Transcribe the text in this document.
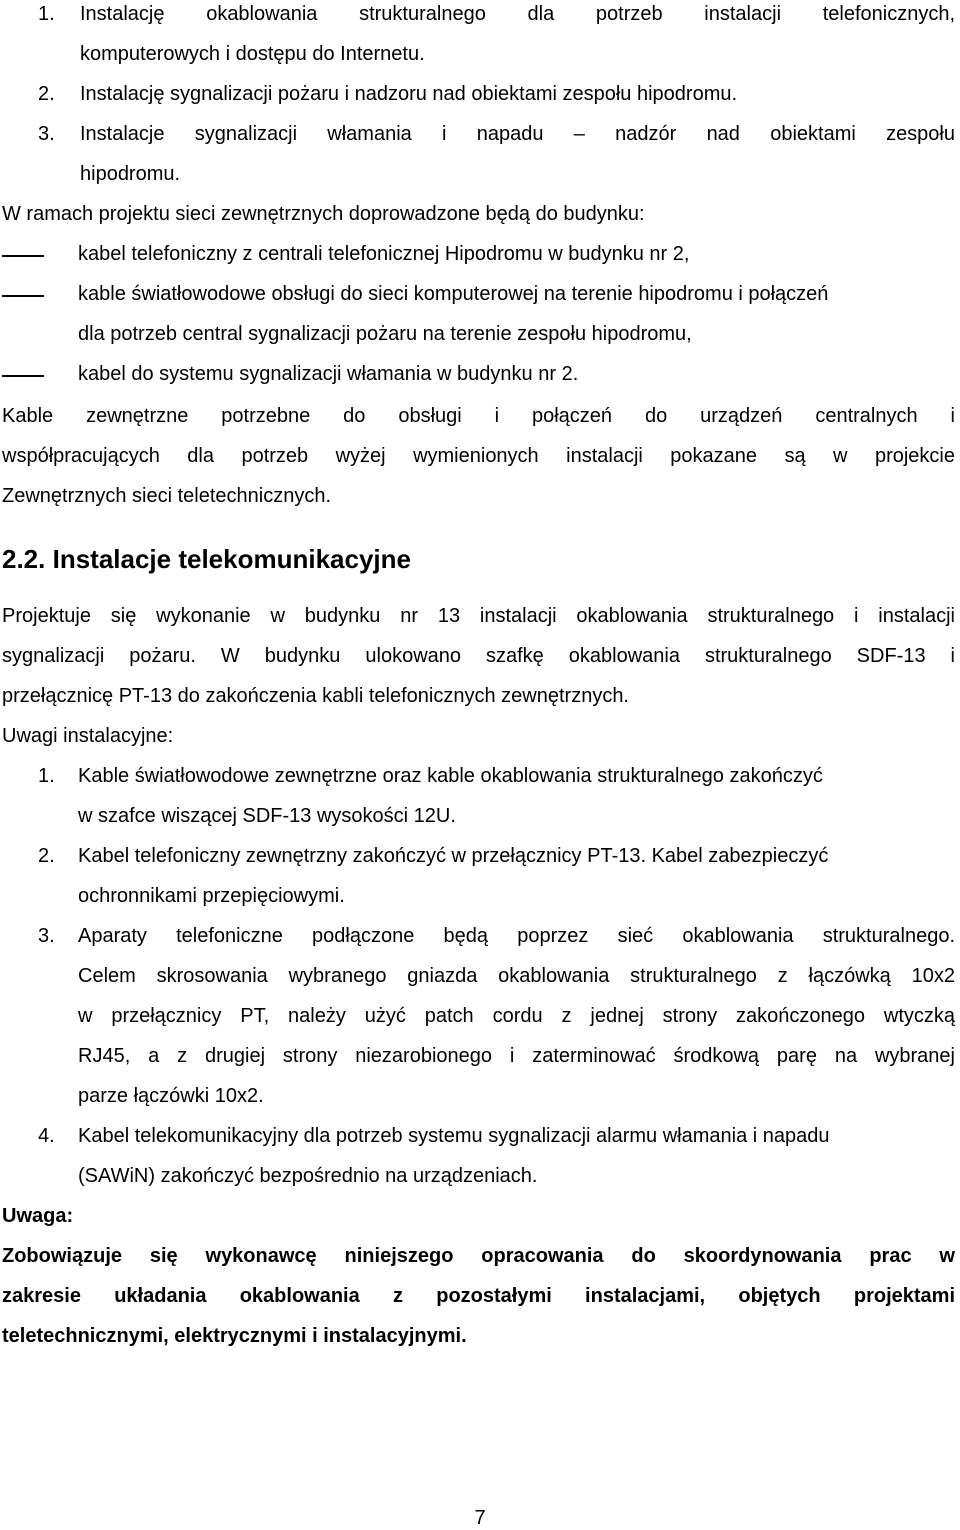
1. Instalację okablowania strukturalnego dla potrzeb instalacji telefonicznych,
komputerowych i dostępu do Internetu.
2. Instalację sygnalizacji pożaru i nadzoru nad obiektami zespołu hipodromu.
3. Instalacje sygnalizacji włamania i napadu – nadzór nad obiektami zespołu
hipodromu.
W ramach projektu sieci zewnętrznych doprowadzone będą do budynku:
kabel telefoniczny z centrali telefonicznej Hipodromu w budynku nr 2,
kable światłowodowe obsługi do sieci komputerowej na terenie hipodromu i połączeń
dla potrzeb central sygnalizacji pożaru na terenie zespołu hipodromu,
kabel do systemu sygnalizacji włamania w budynku nr 2.
Kable zewnętrzne potrzebne do obsługi i połączeń do urządzeń centralnych i
współpracujących dla potrzeb wyżej wymienionych instalacji pokazane są w projekcie
Zewnętrznych sieci teletechnicznych.
2.2. Instalacje telekomunikacyjne
Projektuje się wykonanie w budynku nr 13 instalacji okablowania strukturalnego i instalacji
sygnalizacji pożaru. W budynku ulokowano szafkę okablowania strukturalnego SDF-13 i
przełącznicę PT-13 do zakończenia kabli telefonicznych zewnętrznych.
Uwagi instalacyjne:
1. Kable światłowodowe zewnętrzne oraz kable okablowania strukturalnego zakończyć
w szafce wiszącej SDF-13 wysokości 12U.
2. Kabel telefoniczny zewnętrzny zakończyć w przełącznicy PT-13. Kabel zabezpieczyć
ochronnikami przepięciowymi.
3. Aparaty telefoniczne podłączone będą poprzez sieć okablowania strukturalnego.
Celem skrosowania wybranego gniazda okablowania strukturalnego z łączówką 10x2
w przełącznicy PT, należy użyć patch cordu z jednej strony zakończonego wtyczką
RJ45, a z drugiej strony niezarobionego i zaterminować środkową parę na wybranej
parze łączówki 10x2.
4. Kabel telekomunikacyjny dla potrzeb systemu sygnalizacji alarmu włamania i napadu
(SAWiN) zakończyć bezpośrednio na urządzeniach.
Uwaga:
Zobowiązuje się wykonawcę niniejszego opracowania do skoordynowania prac w
zakresie układania okablowania z pozostałymi instalacjami, objętych projektami
teletechnicznymi, elektrycznymi i instalacyjnymi.
7
